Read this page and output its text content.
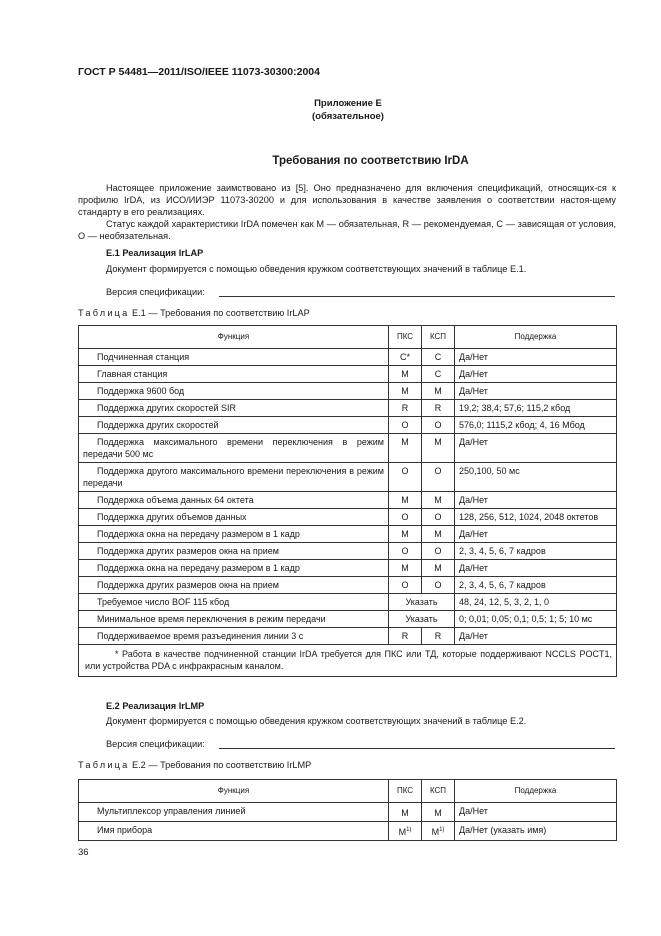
ГОСТ Р 54481—2011/ISO/IEEE 11073-30300:2004
Приложение Е
(обязательное)
Требования по соответствию IrDA

Настоящее приложение заимствовано из [5]. Оно предназначено для включения спецификаций, относящих-ся к профилю IrDA, из ИСО/ИИЭР 11073-30200 и для использования в качестве заявления о соответствии настоя-щему стандарту в его реализациях.

Статус каждой характеристики IrDA помечен как М — обязательная, R — рекомендуемая, С — зависящая от условия, О — необязательная.

Е.1 Реализация IrLAP
Документ формируется с помощью обведения кружком соответствующих значений в таблице Е.1.
Версия спецификации:
Таблица Е.1 — Требования по соответствию IrLAP
Функция	ПКС	КСП	Поддержка
Подчиненная станция	С*	С	Да/Нет
Главная станция	М	С	Да/Нет
Поддержка 9600 бод	М	М	Да/Нет
Поддержка других скоростей SIR	R	R	19,2; 38,4; 57,6; 115,2 кбод
Поддержка других скоростей	О	О	576,0; 1115,2 кбод; 4, 16 Мбод
Поддержка максимального времени переключения в режим передачи 500 мс	М	М	Да/Нет
Поддержка другого максимального времени переключения в режим передачи	О	О	250,100, 50 мс
Поддержка объема данных 64 октета	М	М	Да/Нет
Поддержка других объемов данных	О	О	128, 256, 512, 1024, 2048 октетов
Поддержка окна на передачу размером в 1 кадр	М	М	Да/Нет
Поддержка других размеров окна на прием	О	О	2, 3, 4, 5, 6, 7 кадров
Поддержка окна на передачу размером в 1 кадр	М	М	Да/Нет
Поддержка других размеров окна на прием	О	О	2, 3, 4, 5, 6, 7 кадров
Требуемое число BOF 115 кбод	Указать		48, 24, 12, 5, 3, 2, 1, 0
Минимальное время переключения в режим передачи	Указать		0; 0,01; 0,05; 0,1; 0,5; 1; 5; 10 мс
Поддерживаемое время разъединения линии 3 с	R	R	Да/Нет

* Работа в качестве подчиненной станции IrDA требуется для ПКС или ТД, которые поддерживают NCCLS POCT1, или устройства PDA с инфракрасным каналом.			
Е.2 Реализация IrLMP
Документ формируется с помощью обведения кружком соответствующих значений в таблице Е.2.
Версия спецификации:
Таблица Е.2 — Требования по соответствию IrLMP
Функция	ПКС	КСП	Поддержка
Мультиплексор управления линией	М	М	Да/Нет
Имя прибора	$М^{1)}$	$М^{1)}$	Да/Нет (указать имя)
36
